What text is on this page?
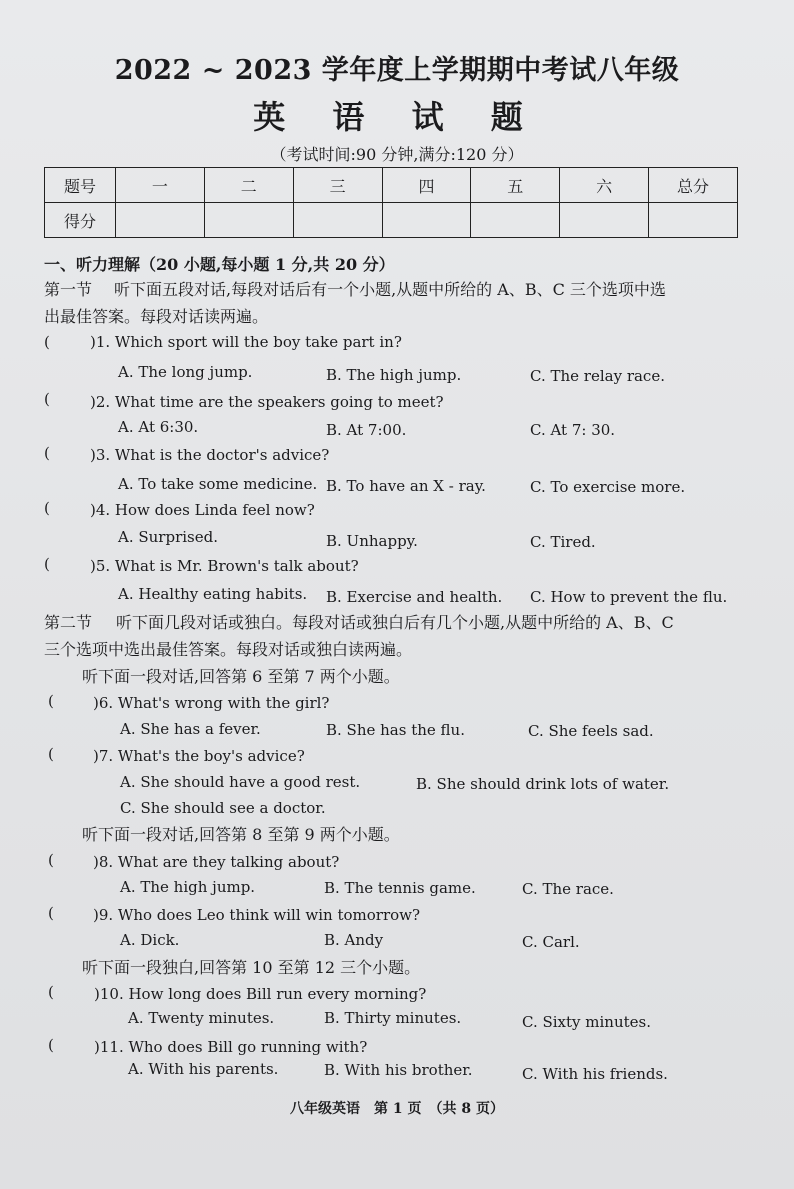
2022 ~ 2023 学年度上学期期中考试八年级
英 语 试 题
（考试时间:90 分钟,满分:120 分）
题号	一	二	三	四	五	六	总分
得分							
一、听力理解（20 小题,每小题 1 分,共 20 分）
第一节 听下面五段对话,每段对话后有一个小题,从题中所给的 A、B、C 三个选项中选
出最佳答案。每段对话读两遍。
(	)1. Which sport will the boy take part in?
A. The long jump.	B. The high jump.	C. The relay race.
(	)2. What time are the speakers going to meet?
A. At 6:30.	B. At 7:00.	C. At 7: 30.
(	)3. What is the doctor's advice?
A. To take some medicine. B. To have an X - ray.	C. To exercise more.
(	)4. How does Linda feel now?
A. Surprised.	B. Unhappy.	C. Tired.
(	)5. What is Mr. Brown's talk about?
A. Healthy eating habits. B. Exercise and health. C. How to prevent the flu.
第二节 听下面几段对话或独白。每段对话或独白后有几个小题,从题中所给的 A、B、C
三个选项中选出最佳答案。每段对话或独白读两遍。
听下面一段对话,回答第 6 至第 7 两个小题。
(	)6. What's wrong with the girl?
A. She has a fever.	B. She has the flu.	C. She feels sad.
(	)7. What's the boy's advice?
A. She should have a good rest.	B. She should drink lots of water.
C. She should see a doctor.
听下面一段对话,回答第 8 至第 9 两个小题。
(	)8. What are they talking about?
A. The high jump.	B. The tennis game.	C. The race.
(	)9. Who does Leo think will win tomorrow?
A. Dick.	B. Andy	C. Carl.
听下面一段独白,回答第 10 至第 12 三个小题。
(	)10. How long does Bill run every morning?
A. Twenty minutes.	B. Thirty minutes.	C. Sixty minutes.
(	)11. Who does Bill go running with?
A. With his parents.	B. With his brother.	C. With his friends.
八年级英语　第 1 页　（共 8 页）
